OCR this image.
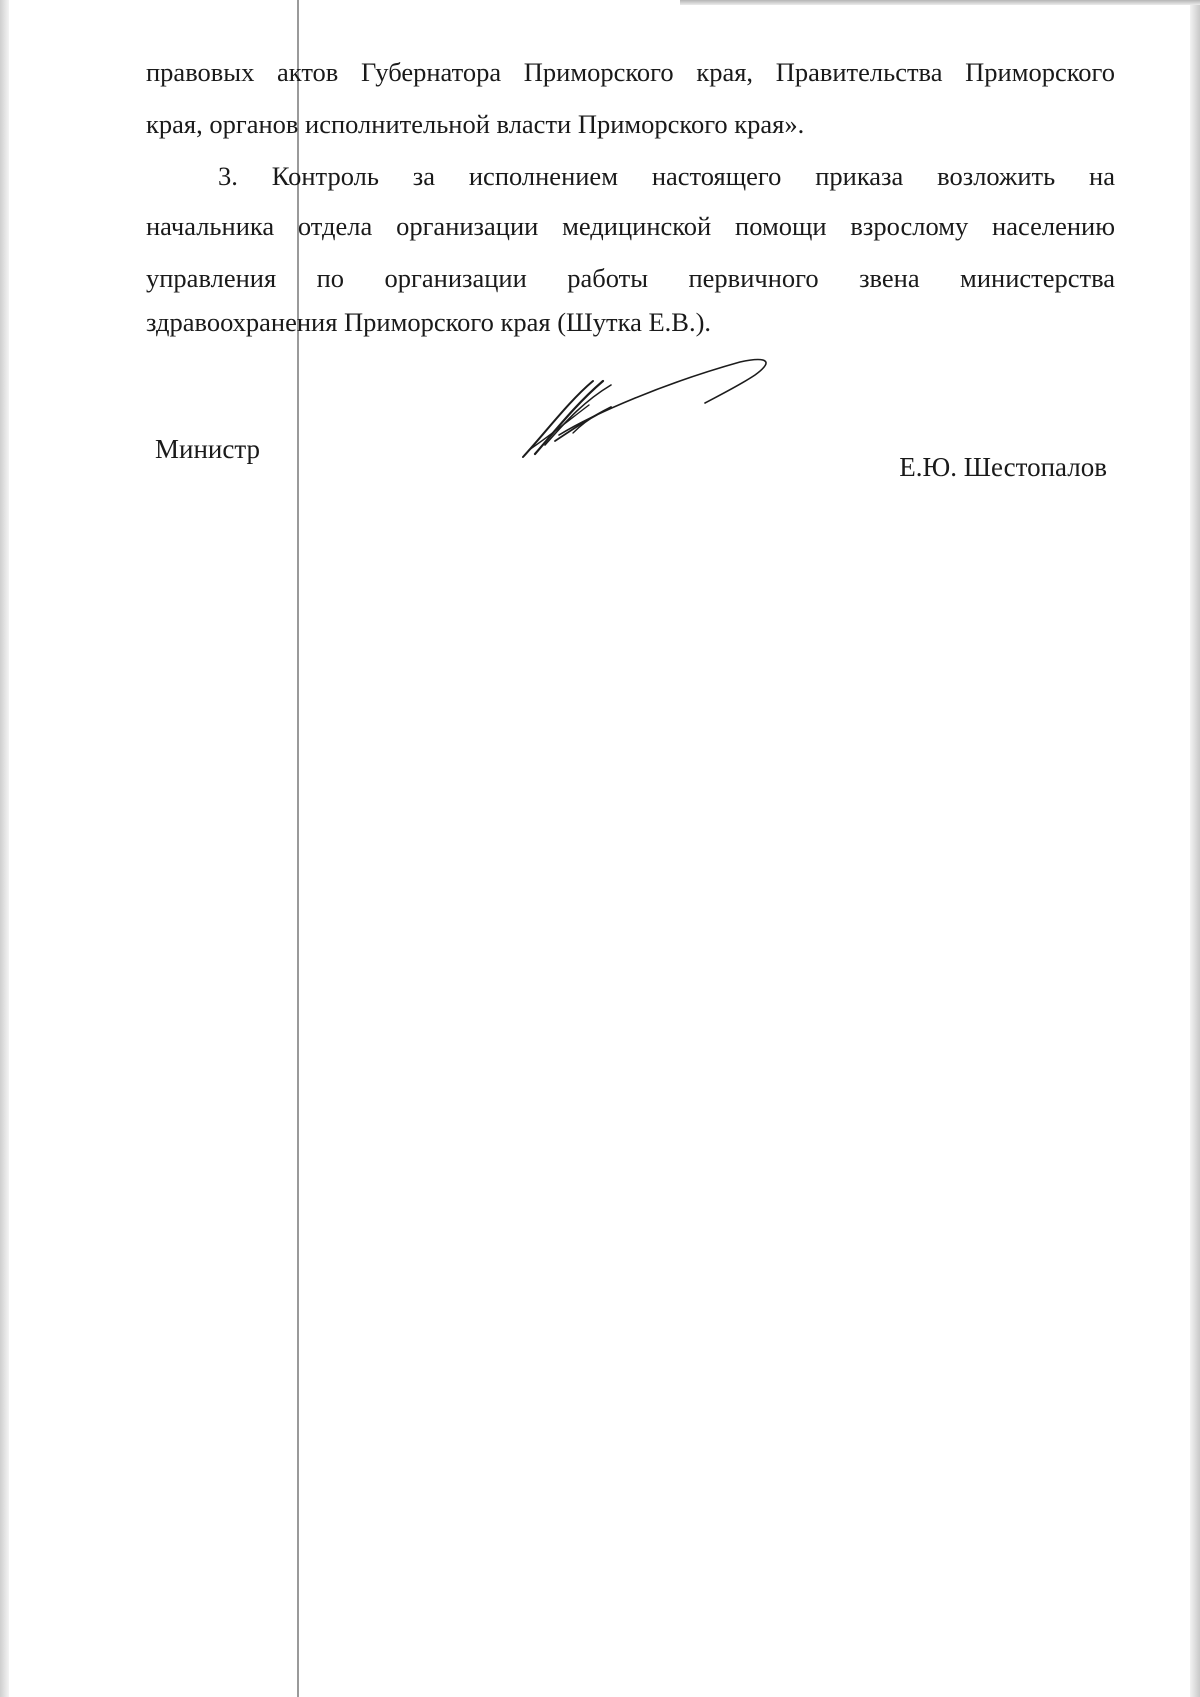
правовых актов Губернатора Приморского края, Правительства Приморского

края, органов исполнительной власти Приморского края».

3. Контроль за исполнением настоящего приказа возложить на

начальника отдела организации медицинской помощи взрослому населению

управления по организации работы первичного звена министерства

здравоохранения Приморского края (Шутка Е.В.).

Министр

Е.Ю. Шестопалов
